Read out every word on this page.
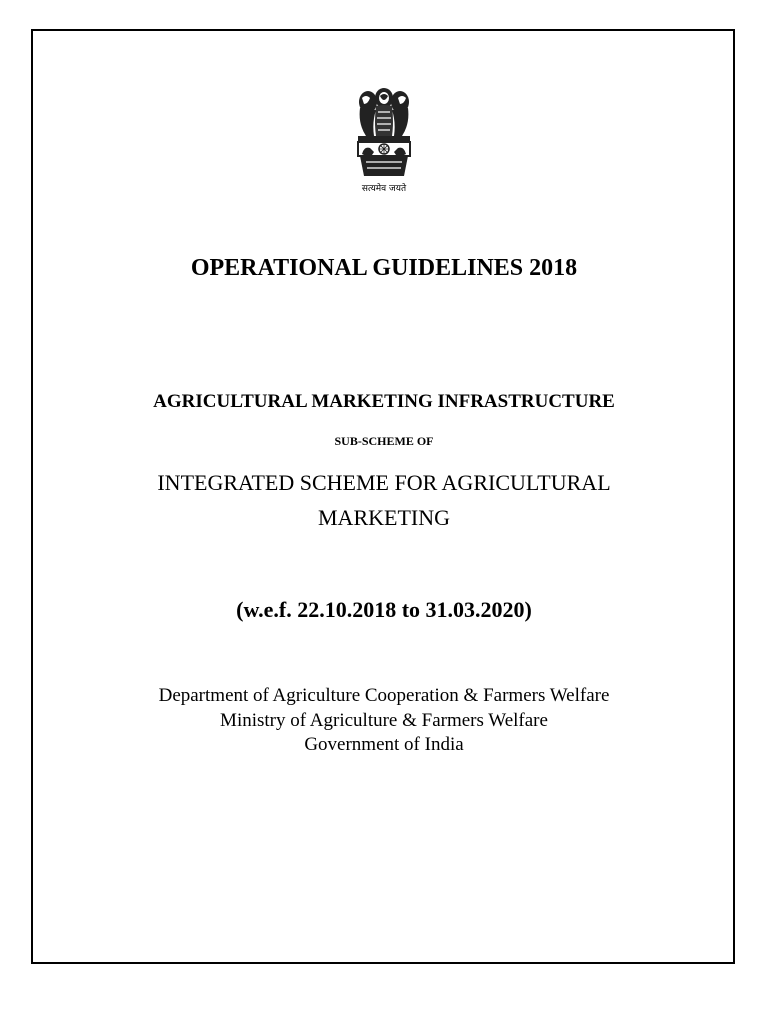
सत्यमेव जयते

OPERATIONAL GUIDELINES 2018

AGRICULTURAL MARKETING INFRASTRUCTURE

SUB-SCHEME OF

INTEGRATED SCHEME FOR AGRICULTURAL

MARKETING

(w.e.f. 22.10.2018 to 31.03.2020)

Department of Agriculture Cooperation & Farmers Welfare

Ministry of Agriculture & Farmers Welfare

Government of India
